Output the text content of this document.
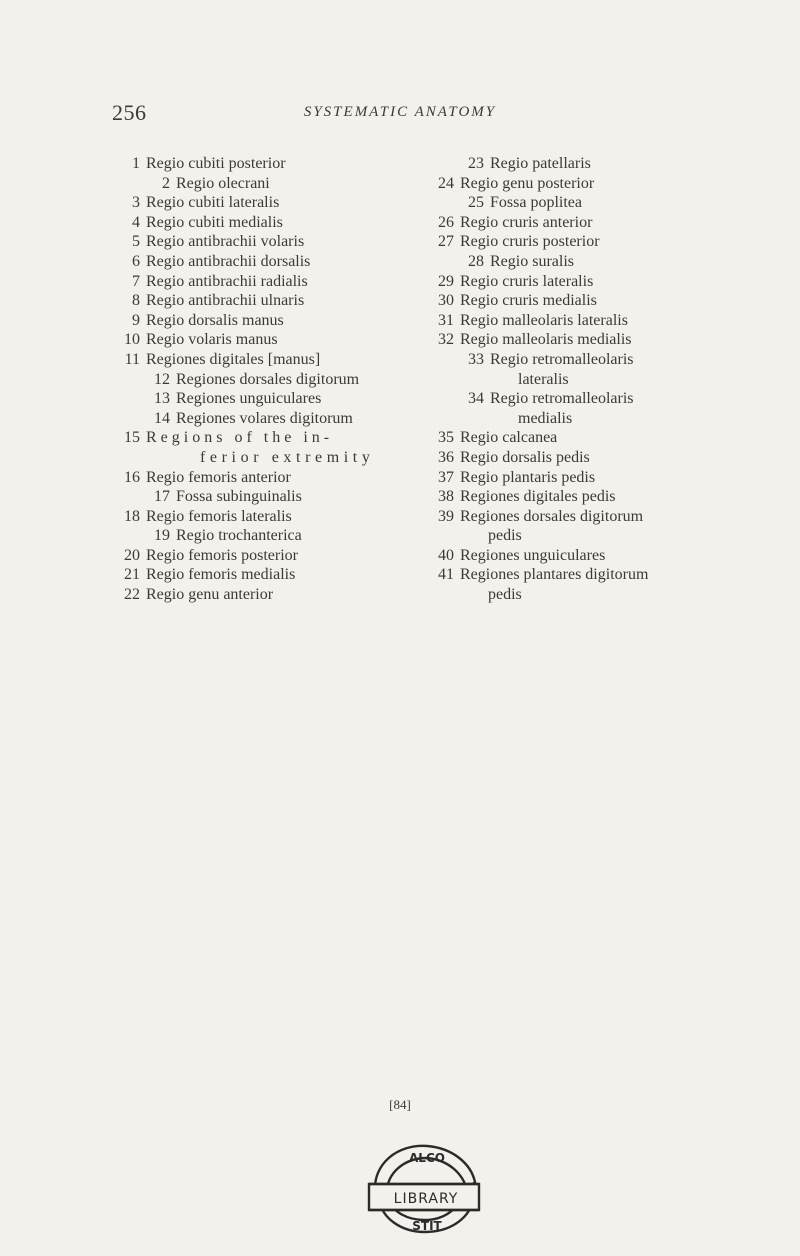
256	SYSTEMATIC ANATOMY
1 Regio cubiti posterior
2 Regio olecrani
3 Regio cubiti lateralis
4 Regio cubiti medialis
5 Regio antibrachii volaris
6 Regio antibrachii dorsalis
7 Regio antibrachii radialis
8 Regio antibrachii ulnaris
9 Regio dorsalis manus
10 Regio volaris manus
11 Regiones digitales [manus]
12 Regiones dorsales digitorum
13 Regiones unguiculares
14 Regiones volares digitorum
15 Regions of the in-
ferior extremity
16 Regio femoris anterior
17 Fossa subinguinalis
18 Regio femoris lateralis
19 Regio trochanterica
20 Regio femoris posterior
21 Regio femoris medialis
22 Regio genu anterior
23 Regio patellaris
24 Regio genu posterior
25 Fossa poplitea
26 Regio cruris anterior
27 Regio cruris posterior
28 Regio suralis
29 Regio cruris lateralis
30 Regio cruris medialis
31 Regio malleolaris lateralis
32 Regio malleolaris medialis
33 Regio retromalleolaris
lateralis
34 Regio retromalleolaris
medialis
35 Regio calcanea
36 Regio dorsalis pedis
37 Regio plantaris pedis
38 Regiones digitales pedis
39 Regiones dorsales digitorum
pedis
40 Regiones unguiculares
41 Regiones plantares digitorum
pedis
[84]
LIBRARY
ALCO
STIT
